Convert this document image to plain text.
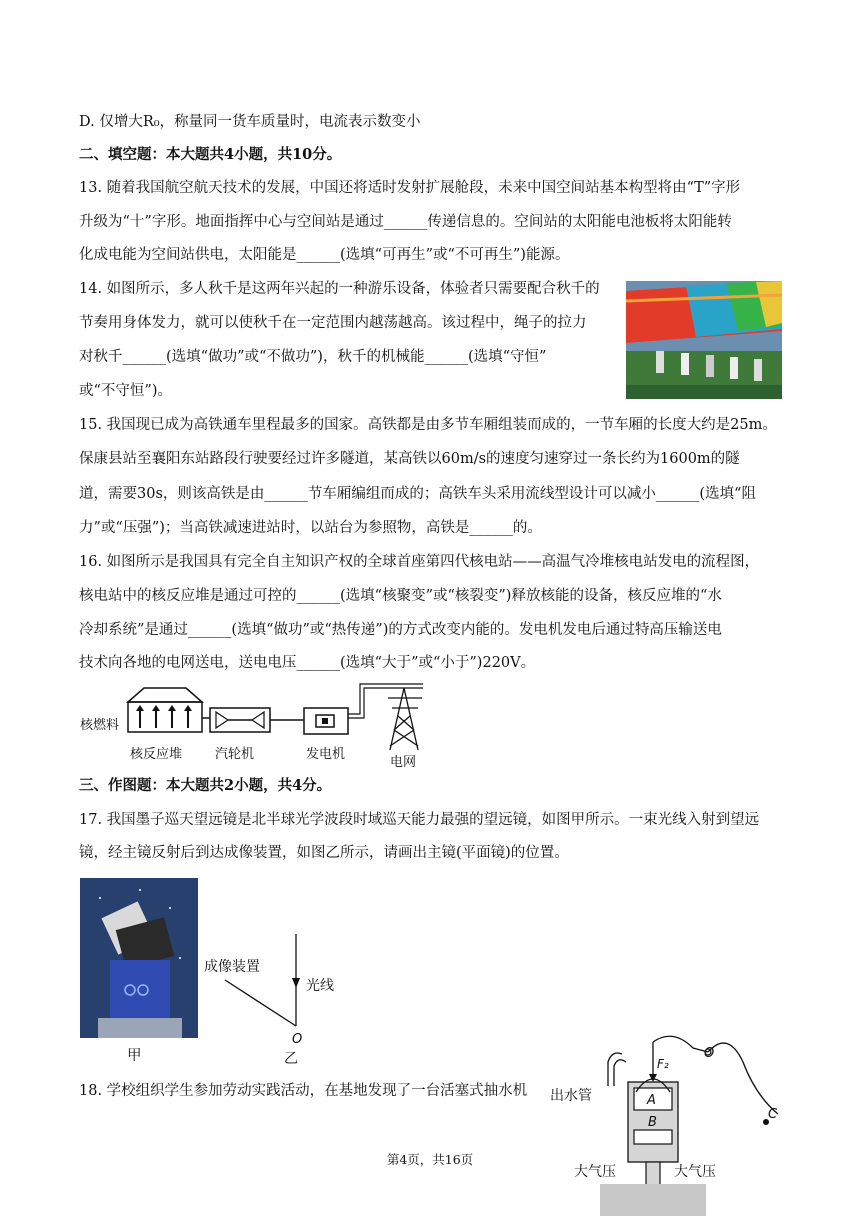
D. 仅增大R₀，称量同一货车质量时，电流表示数变小
二、填空题：本大题共4小题，共10分。
13. 随着我国航空航天技术的发展，中国还将适时发射扩展舱段，未来中国空间站基本构型将由“T”字形
升级为“十”字形。地面指挥中心与空间站是通过______传递信息的。空间站的太阳能电池板将太阳能转
化成电能为空间站供电，太阳能是______(选填“可再生”或“不可再生”)能源。
14. 如图所示，多人秋千是这两年兴起的一种游乐设备，体验者只需要配合秋千的
节奏用身体发力，就可以使秋千在一定范围内越荡越高。该过程中，绳子的拉力
对秋千______(选填“做功”或“不做功”)，秋千的机械能______(选填“守恒”
或“不守恒”)。
15. 我国现已成为高铁通车里程最多的国家。高铁都是由多节车厢组装而成的，一节车厢的长度大约是25m。
保康县站至襄阳东站路段行驶要经过许多隧道，某高铁以60m/s的速度匀速穿过一条长约为1600m的隧
道，需要30s，则该高铁是由______节车厢编组而成的；高铁车头采用流线型设计可以减小______(选填“阻
力”或“压强”)；当高铁减速进站时，以站台为参照物，高铁是______的。
16. 如图所示是我国具有完全自主知识产权的全球首座第四代核电站——高温气冷堆核电站发电的流程图，
核电站中的核反应堆是通过可控的______(选填“核聚变”或“核裂变”)释放核能的设备，核反应堆的“水
冷却系统”是通过______(选填“做功”或“热传递”)的方式改变内能的。发电机发电后通过特高压输送电
技术向各地的电网送电，送电电压______(选填“大于”或“小于”)220V。
核燃料
核反应堆	汽轮机	发电机
电网
三、作图题：本大题共2小题，共4分。
17. 我国墨子巡天望远镜是北半球光学波段时域巡天能力最强的望远镜，如图甲所示。一束光线入射到望远
镜，经主镜反射后到达成像装置，如图乙所示，请画出主镜(平面镜)的位置。
甲
成像装置
光线
O
乙
18. 学校组织学生参加劳动实践活动，在基地发现了一台活塞式抽水机 出水管	A
B
F₂
O
C
大气压	大气压
第4页，共16页
